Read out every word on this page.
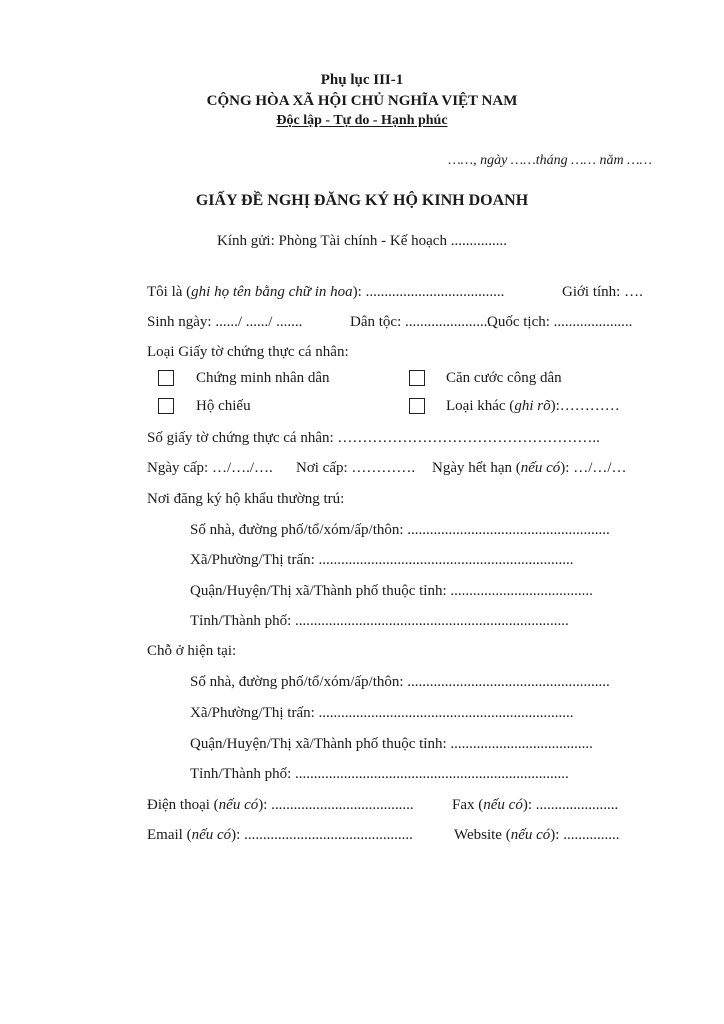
Phụ lục III-1
CỘNG HÒA XÃ HỘI CHỦ NGHĨA VIỆT NAM
Độc lập - Tự do - Hạnh phúc
……, ngày ……tháng …… năm ……
GIẤY ĐỀ NGHỊ ĐĂNG KÝ HỘ KINH DOANH
Kính gửi: Phòng Tài chính - Kế hoạch ...............
Tôi là (ghi họ tên bằng chữ in hoa): .....................................	Giới tính: ….
Sinh ngày: ....../ ....../ .......	Dân tộc: .......................
Quốc tịch: .....................
Loại Giấy tờ chứng thực cá nhân:
Chứng minh nhân dân	Căn cước công dân
Hộ chiếu	Loại khác (ghi rõ):…………
Số giấy tờ chứng thực cá nhân: ……………………………………………..
Ngày cấp: …/…./…. Nơi cấp: …………. Ngày hết hạn (nếu có): …/…/…
Nơi đăng ký hộ khẩu thường trú:
Số nhà, đường phố/tổ/xóm/ấp/thôn: ......................................................
Xã/Phường/Thị trấn: ....................................................................
Quận/Huyện/Thị xã/Thành phố thuộc tỉnh: ......................................
Tỉnh/Thành phố: .........................................................................
Chỗ ở hiện tại:
Số nhà, đường phố/tổ/xóm/ấp/thôn: ......................................................
Xã/Phường/Thị trấn: ....................................................................
Quận/Huyện/Thị xã/Thành phố thuộc tỉnh: ......................................
Tỉnh/Thành phố: .........................................................................
Điện thoại (nếu có): ......................................	Fax (nếu có): ......................
Email (nếu có): .............................................	Website (nếu có): ...............
